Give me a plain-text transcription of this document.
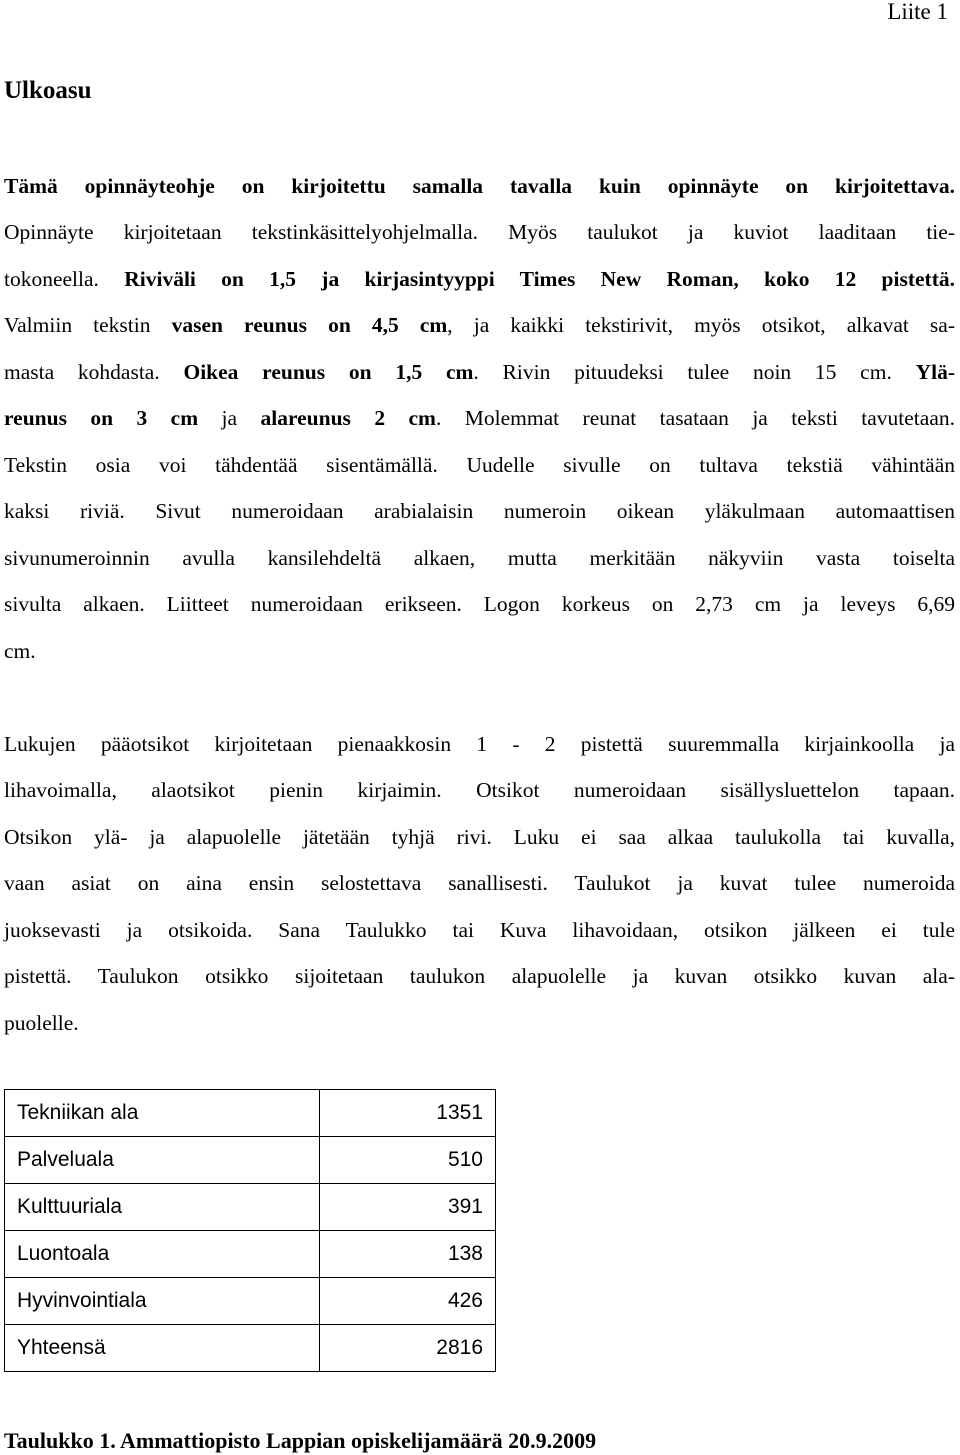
Liite 1
Ulkoasu
Tämä opinnäyteohje on kirjoitettu samalla tavalla kuin opinnäyte on kirjoitettava.
Opinnäyte kirjoitetaan tekstinkäsittelyohjelmalla. Myös taulukot ja kuviot laaditaan tie-
tokoneella. Riviväli on 1,5 ja kirjasintyyppi Times New Roman, koko 12 pistettä.
Valmiin tekstin vasen reunus on 4,5 cm, ja kaikki tekstirivit, myös otsikot, alkavat sa-
masta kohdasta. Oikea reunus on 1,5 cm. Rivin pituudeksi tulee noin 15 cm. Ylä-
reunus on 3 cm ja alareunus 2 cm. Molemmat reunat tasataan ja teksti tavutetaan.
Tekstin osia voi tähdentää sisentämällä. Uudelle sivulle on tultava tekstiä vähintään
kaksi riviä. Sivut numeroidaan arabialaisin numeroin oikean yläkulmaan automaattisen
sivunumeroinnin avulla kansilehdeltä alkaen, mutta merkitään näkyviin vasta toiselta
sivulta alkaen. Liitteet numeroidaan erikseen. Logon korkeus on 2,73 cm ja leveys 6,69
cm.
Lukujen pääotsikot kirjoitetaan pienaakkosin 1 - 2 pistettä suuremmalla kirjainkoolla ja
lihavoimalla, alaotsikot pienin kirjaimin. Otsikot numeroidaan sisällysluettelon tapaan.
Otsikon ylä- ja alapuolelle jätetään tyhjä rivi. Luku ei saa alkaa taulukolla tai kuvalla,
vaan asiat on aina ensin selostettava sanallisesti. Taulukot ja kuvat tulee numeroida
juoksevasti ja otsikoida. Sana Taulukko tai Kuva lihavoidaan, otsikon jälkeen ei tule
pistettä. Taulukon otsikko sijoitetaan taulukon alapuolelle ja kuvan otsikko kuvan ala-
puolelle.
Tekniikan ala	1351
Palveluala	510
Kulttuuriala	391
Luontoala	138
Hyvinvointiala	426
Yhteensä	2816
Taulukko 1. Ammattiopisto Lappian opiskelijamäärä 20.9.2009
